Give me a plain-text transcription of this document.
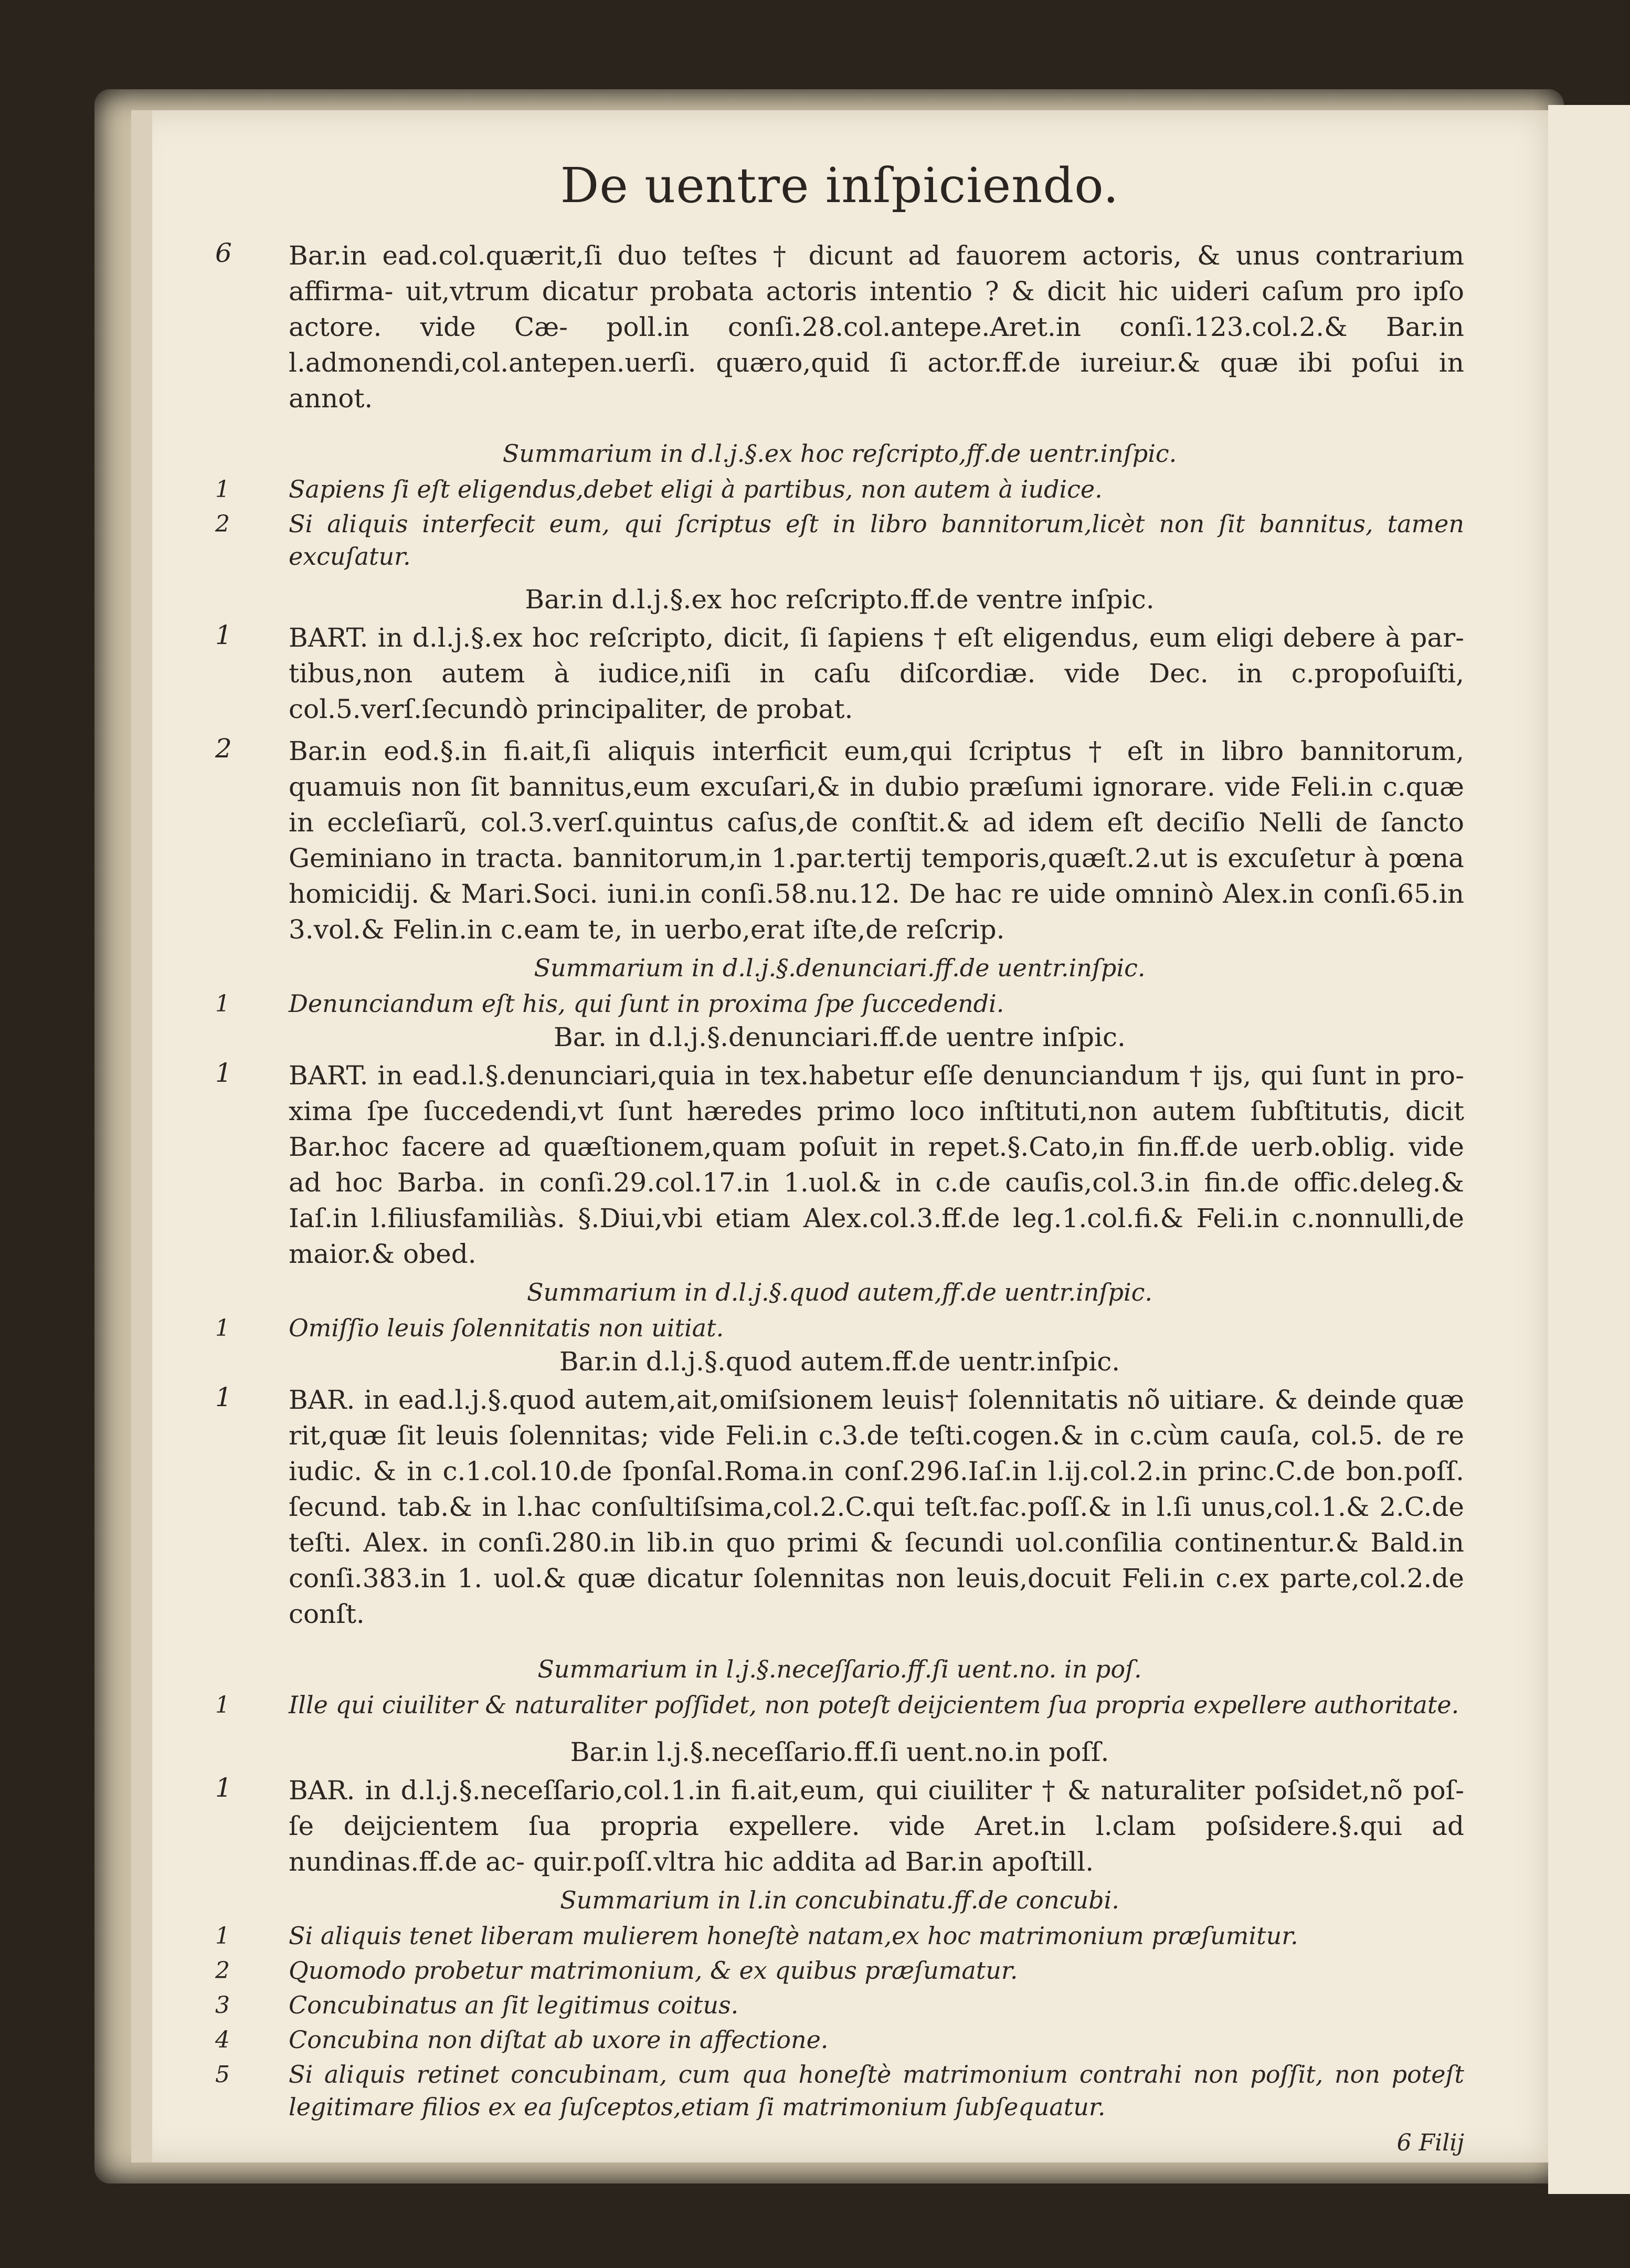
De uentre inſpiciendo.
6	Bar.in ead.col.quærit,ſi duo teſtes † dicunt ad fauorem actoris, & unus contrarium affirma- uit,vtrum dicatur probata actoris intentio ? & dicit hic uideri caſum pro ipſo actore. vide Cæ- poll.in conſi.28.col.antepe.Aret.in conſi.123.col.2.& Bar.in l.admonendi,col.antepen.uerſi. quæro,quid ſi actor.ff.de iureiur.& quæ ibi poſui in annot.
Summarium in d.l.j.§.ex hoc reſcripto,ff.de uentr.inſpic.
1	Sapiens ſi eſt eligendus,debet eligi à partibus, non autem à iudice.
2	Si aliquis interfecit eum, qui ſcriptus eſt in libro bannitorum,licèt non ſit bannitus, tamen excuſatur.
Bar.in d.l.j.§.ex hoc reſcripto.ff.de ventre inſpic.
1	BART. in d.l.j.§.ex hoc reſcripto, dicit, ſi ſapiens † eſt eligendus, eum eligi debere à par- tibus,non autem à iudice,niſi in caſu diſcordiæ. vide Dec. in c.propoſuiſti, col.5.verſ.ſecundò principaliter, de probat.
2	Bar.in eod.§.in fi.ait,ſi aliquis interficit eum,qui ſcriptus † eſt in libro bannitorum, quamuis non ſit bannitus,eum excuſari,& in dubio præſumi ignorare. vide Feli.in c.quæ in eccleſiarũ, col.3.verſ.quintus caſus,de conſtit.& ad idem eſt deciſio Nelli de ſancto Geminiano in tracta. bannitorum,in 1.par.tertij temporis,quæſt.2.ut is excuſetur à pœna homicidij. & Mari.Soci. iuni.in conſi.58.nu.12. De hac re uide omninò Alex.in conſi.65.in 3.vol.& Felin.in c.eam te, in uerbo,erat iſte,de reſcrip.
Summarium in d.l.j.§.denunciari.ff.de uentr.inſpic.
1	Denunciandum eſt his, qui ſunt in proxima ſpe ſuccedendi.
Bar. in d.l.j.§.denunciari.ff.de uentre inſpic.
1	BART. in ead.l.§.denunciari,quia in tex.habetur eſſe denunciandum † ijs, qui ſunt in pro- xima ſpe ſuccedendi,vt ſunt hæredes primo loco inſtituti,non autem ſubſtitutis, dicit Bar.hoc facere ad quæſtionem,quam poſuit in repet.§.Cato,in fin.ff.de uerb.oblig. vide ad hoc Barba. in conſi.29.col.17.in 1.uol.& in c.de cauſis,col.3.in fin.de offic.deleg.& Iaſ.in l.filiusfamiliàs. §.Diui,vbi etiam Alex.col.3.ff.de leg.1.col.fi.& Feli.in c.nonnulli,de maior.& obed.
Summarium in d.l.j.§.quod autem,ff.de uentr.inſpic.
1	Omiſſio leuis ſolennitatis non uitiat.
Bar.in d.l.j.§.quod autem.ff.de uentr.inſpic.
1	BAR. in ead.l.j.§.quod autem,ait,omiſsionem leuis† ſolennitatis nõ uitiare. & deinde quæ rit,quæ ſit leuis ſolennitas; vide Feli.in c.3.de teſti.cogen.& in c.cùm cauſa, col.5. de re iudic. & in c.1.col.10.de ſponſal.Roma.in conſ.296.Iaſ.in l.ij.col.2.in princ.C.de bon.poſſ. ſecund. tab.& in l.hac conſultiſsima,col.2.C.qui teſt.fac.poſſ.& in l.ſi unus,col.1.& 2.C.de teſti. Alex. in conſi.280.in lib.in quo primi & ſecundi uol.conſilia continentur.& Bald.in conſi.383.in 1. uol.& quæ dicatur ſolennitas non leuis,docuit Feli.in c.ex parte,col.2.de conſt.
Summarium in l.j.§.neceſſario.ff.ſi uent.no. in poſ.
1	Ille qui ciuiliter & naturaliter poſſidet, non poteſt deijcientem ſua propria expellere authoritate.
Bar.in l.j.§.neceſſario.ff.ſi uent.no.in poſſ.
1	BAR. in d.l.j.§.neceſſario,col.1.in fi.ait,eum, qui ciuiliter † & naturaliter poſsidet,nõ poſ- ſe deijcientem ſua propria expellere. vide Aret.in l.clam poſsidere.§.qui ad nundinas.ff.de ac- quir.poſſ.vltra hic addita ad Bar.in apoſtill.
Summarium in l.in concubinatu.ff.de concubi.
1	Si aliquis tenet liberam mulierem honeſtè natam,ex hoc matrimonium præſumitur.
2	Quomodo probetur matrimonium, & ex quibus præſumatur.
3	Concubinatus an ſit legitimus coitus.
4	Concubina non diſtat ab uxore in affectione.
5	Si aliquis retinet concubinam, cum qua honeſtè matrimonium contrahi non poſſit, non poteſt legitimare filios ex ea ſuſceptos,etiam ſi matrimonium ſubſequatur.
6 Filij
